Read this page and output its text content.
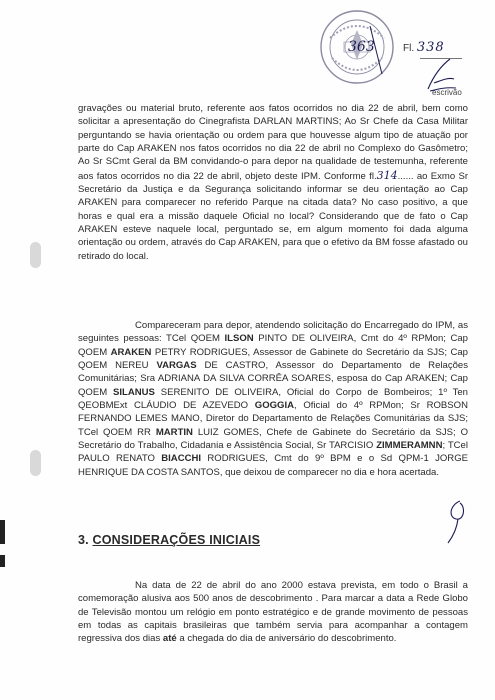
363	Fl. 338
escrivão

gravações ou material bruto, referente aos fatos ocorridos no dia 22 de abril, bem como solicitar a apresentação do Cinegrafista DARLAN MARTINS; Ao Sr Chefe da Casa Militar perguntando se havia orientação ou ordem para que houvesse algum tipo de atuação por parte do Cap ARAKEN nos fatos ocorridos no dia 22 de abril no Complexo do Gasômetro; Ao Sr SCmt Geral da BM convidando-o para depor na qualidade de testemunha, referente aos fatos ocorridos no dia 22 de abril, objeto deste IPM. Conforme fl.314...... ao Exmo Sr Secretário da Justiça e da Segurança solicitando informar se deu orientação ao Cap ARAKEN para comparecer no referido Parque na citada data? No caso positivo, a que horas e qual era a missão daquele Oficial no local? Considerando que de fato o Cap ARAKEN esteve naquele local, perguntado se, em algum momento foi dada alguma orientação ou ordem, através do Cap ARAKEN, para que o efetivo da BM fosse afastado ou retirado do local.

Compareceram para depor, atendendo solicitação do Encarregado do IPM, as seguintes pessoas: TCel QOEM ILSON PINTO DE OLIVEIRA, Cmt do 4º RPMon; Cap QOEM ARAKEN PETRY RODRIGUES, Assessor de Gabinete do Secretário da SJS; Cap QOEM NEREU VARGAS DE CASTRO, Assessor do Departamento de Relações Comunitárias; Sra ADRIANA DA SILVA CORRÊA SOARES, esposa do Cap ARAKEN; Cap QOEM SILANUS SERENITO DE OLIVEIRA, Oficial do Corpo de Bombeiros; 1º Ten QEOBMExt CLÁUDIO DE AZEVEDO GOGGIA, Oficial do 4º RPMon; Sr ROBSON FERNANDO LEMES MANO, Diretor do Departamento de Relações Comunitárias da SJS; TCel QOEM RR MARTIN LUIZ GOMES, Chefe de Gabinete do Secretário da SJS; O Secretário do Trabalho, Cidadania e Assistência Social, Sr TARCISIO ZIMMERAMNN; TCel PAULO RENATO BIACCHI RODRIGUES, Cmt do 9º BPM e o Sd QPM-1 JORGE HENRIQUE DA COSTA SANTOS, que deixou de comparecer no dia e hora acertada.

3. CONSIDERAÇÕES INICIAIS

Na data de 22 de abril do ano 2000 estava prevista, em todo o Brasil a comemoração alusiva aos 500 anos de descobrimento . Para marcar a data a Rede Globo de Televisão montou um relógio em ponto estratégico e de grande movimento de pessoas em todas as capitais brasileiras que também servia para acompanhar a contagem regressiva dos dias até a chegada do dia de aniversário do descobrimento.
